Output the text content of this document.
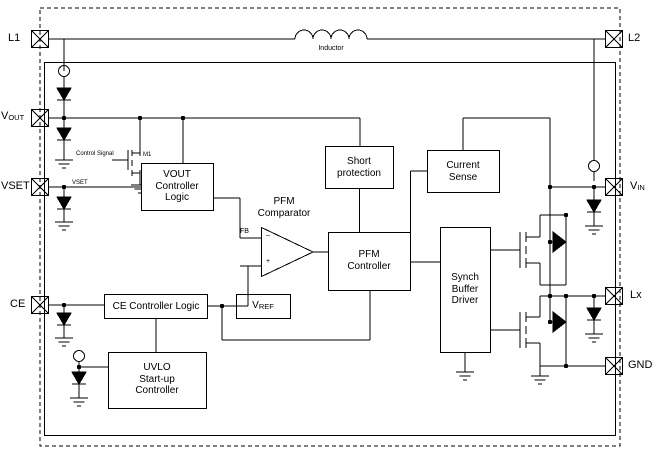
L1	L2
VOUT
VSET
CE
VIN
Lx
GND
Inductor
Control Signal	M1
VSET
VOUT
Controller
Logic
Short
protection
Current
Sense
PFM
Controller
Synch
Buffer
Driver
CE Controller Logic	VREF
UVLO
Start-up
Controller
PFM
Comparator
FB
–
+
